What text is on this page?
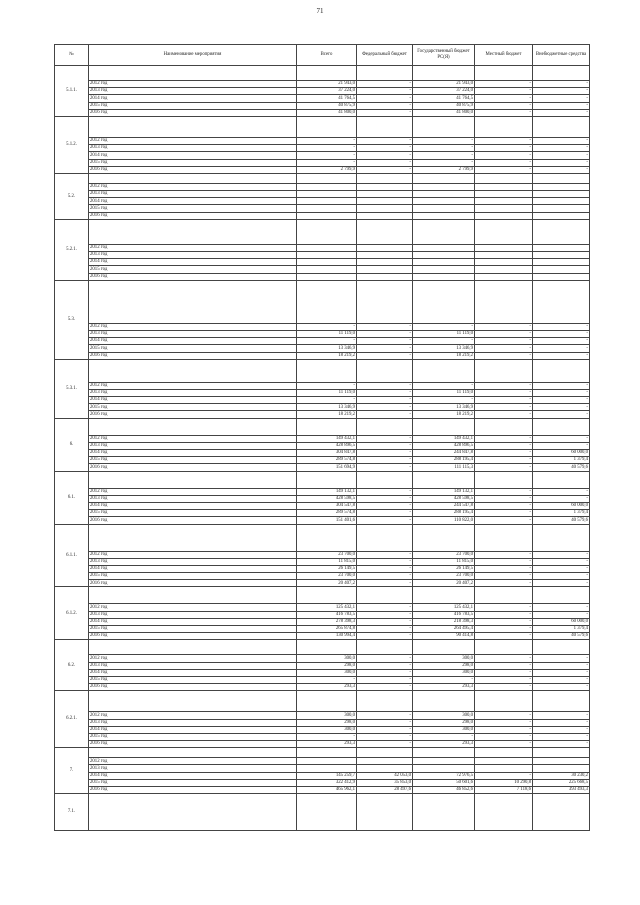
71
№	Наименование мероприятия	Всего	Федеральный бюджет	Государственный бюджет РС(Я)	Местный бюджет	Внебюджетные средства
5.1.1.						
	2012 год	21 943,0	-	21 943,0	-	-
	2013 год	37 224,0	-	37 224,0	-	-
	2014 год	41 764,5	-	41 764,5	-	-
	2015 год	40 875,9	-	40 875,9	-	-
	2016 год	41 800,0	-	41 800,0	-	-
5.1.2.						
	2012 год	-	-	-	-	-
	2013 год	-	-	-	-	-
	2014 год	-	-	-	-	-
	2015 год	-	-	-	-	-
	2016 год	2 799,9	-	2 799,9	-	-
5.2.						
	2012 год					
	2013 год					
	2014 год					
	2015 год					
	2016 год					
5.2.1.						
	2012 год					
	2013 год					
	2014 год					
	2015 год					
	2016 год					
5.3.						
	2012 год	-	-	-	-	-
	2013 год	11 119,0	-	11 119,0	-	-
	2014 год	-	-	-	-	-
	2015 год	13 346,9	-	13 346,9	-	-
	2016 год	18 219,2	-	18 219,2	-	-
5.3.1.						
	2012 год	-	-	-	-	-
	2013 год	11 119,0	-	11 119,0	-	-
	2014 год	-	-	-	-	-
	2015 год	13 346,9	-	13 346,9	-	-
	2016 год	18 219,2	-	18 219,2	-	-
6.						
	2012 год	149 432,1	-	149 432,1	-	-
	2013 год	428 896,5	-	428 896,5	-	-
	2014 год	304 847,8	-	244 847,8	-	60 000,0
	2015 год	289 574,8	-	288 195,4	-	1 379,4
	2016 год	151 694,9	-	111 115,3	-	40 579,6
6.1.						
	2012 год	149 132,1	-	149 132,1	-	-
	2013 год	428 598,5	-	428 598,5	-	-
	2014 год	304 547,8	-	244 547,8	-	60 000,0
	2015 год	289 574,8	-	288 195,4	-	1 379,4
	2016 год	151 401,6	-	110 822,0	-	40 579,6
6.1.1.						
	2012 год	23 700,0	-	23 700,0	-	-
	2013 год	11 815,0	-	11 815,0	-	-
	2014 год	26 149,5	-	26 149,5	-	-
	2015 год	23 700,0	-	23 700,0	-	-
	2016 год	20 407,2	-	20 407,2	-	-
6.1.2.						
	2012 год	125 432,1	-	125 432,1	-	-
	2013 год	416 783,5	-	416 783,5	-	-
	2014 год	278 398,3	-	218 398,3	-	60 000,0
	2015 год	265 874,8	-	264 495,4	-	1 379,4
	2016 год	130 994,4	-	90 414,8	-	40 579,6
6.2.						
	2012 год	300,0	-	300,0	-	-
	2013 год	298,0	-	298,0	-	-
	2014 год	300,0	-	300,0	-	-
	2015 год	-	-	-	-	-
	2016 год	293,3	-	293,3	-	-
6.2.1.						
	2012 год	300,0	-	300,0	-	-
	2013 год	298,0	-	298,0	-	-
	2014 год	300,0	-	300,0	-	-
	2015 год	-	-	-	-	-
	2016 год	293,3	-	293,3	-	-
7.						
	2012 год					
	2013 год					
	2014 год	145 259,7	42 053,0	72 976,5	-	30 230,2
	2015 год	322 412,9	35 853,0	50 601,6	10 290,8	225 668,5
	2016 год	465 962,1	28 497,6	46 852,6	7 118,6	393 493,3
7.1.						
